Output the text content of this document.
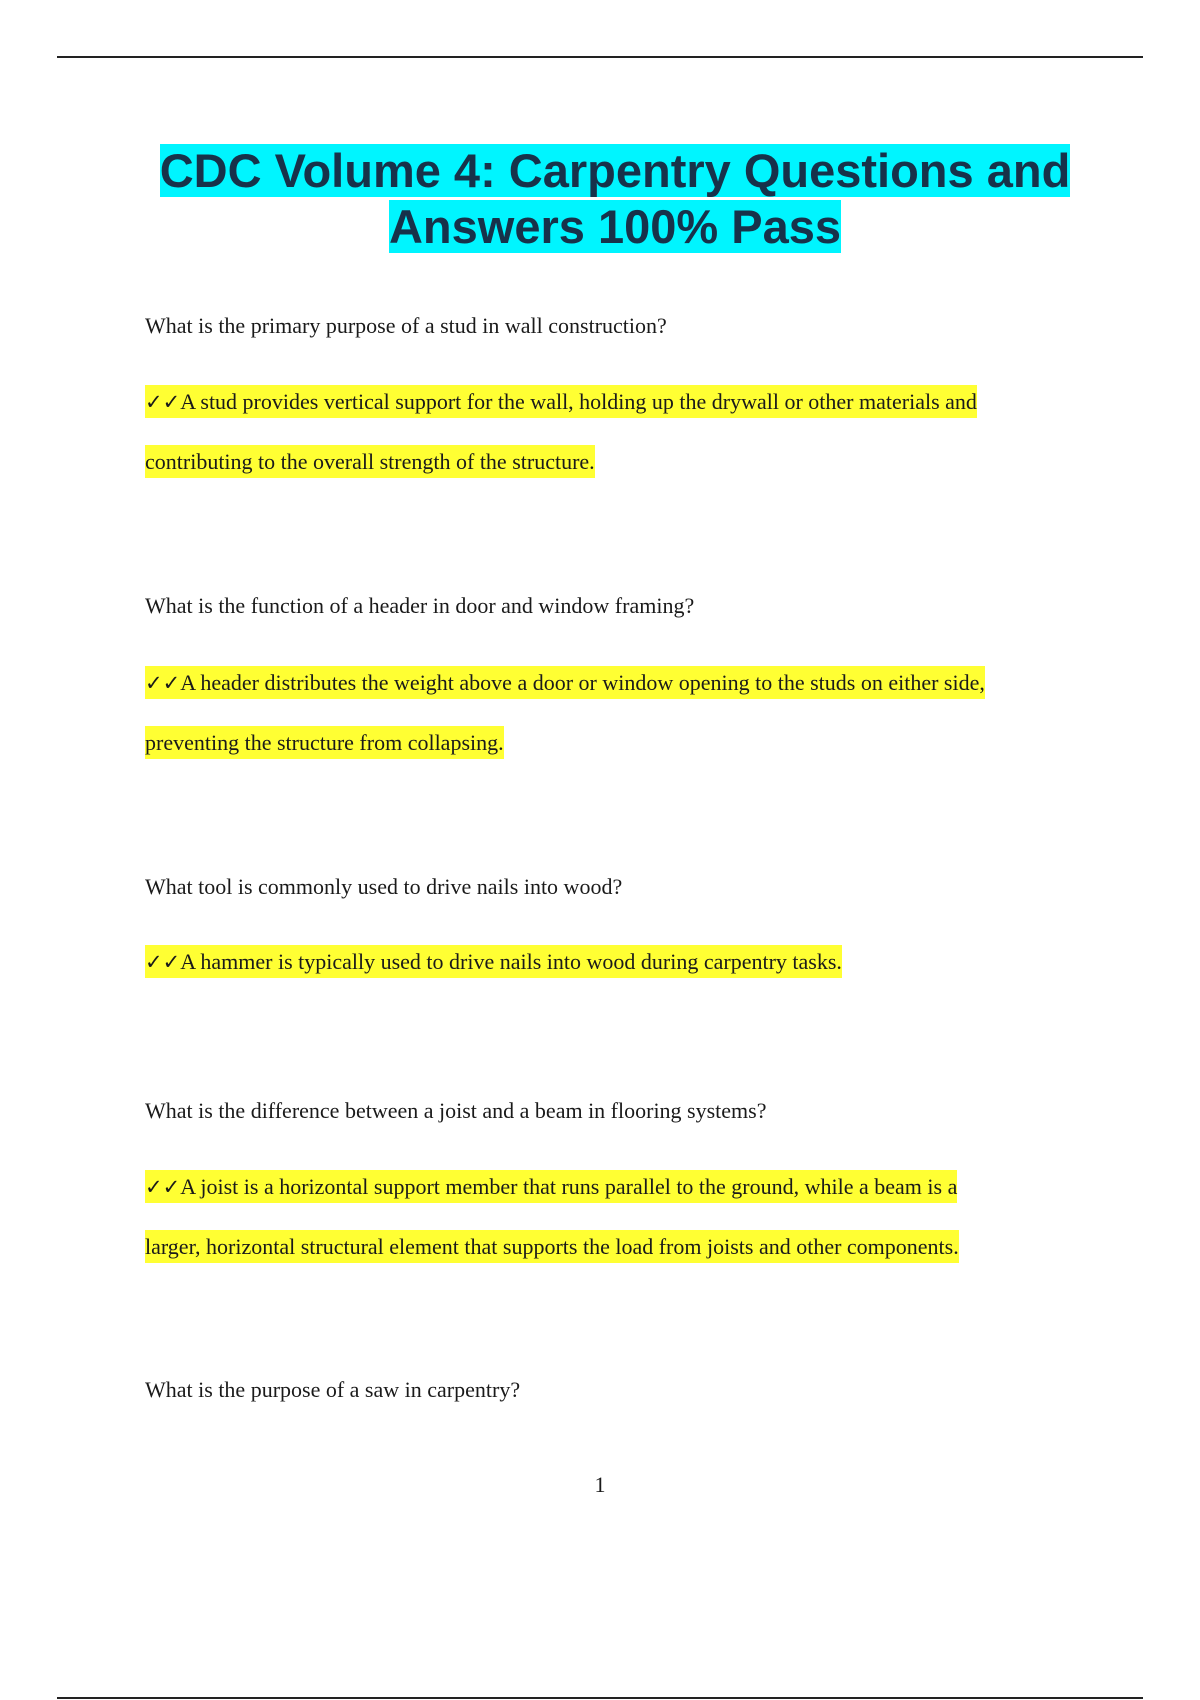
CDC Volume 4: Carpentry Questions and
Answers 100% Pass

What is the primary purpose of a stud in wall construction?

✓✓A stud provides vertical support for the wall, holding up the drywall or other materials and
contributing to the overall strength of the structure.

What is the function of a header in door and window framing?

✓✓A header distributes the weight above a door or window opening to the studs on either side,
preventing the structure from collapsing.

What tool is commonly used to drive nails into wood?

✓✓A hammer is typically used to drive nails into wood during carpentry tasks.

What is the difference between a joist and a beam in flooring systems?

✓✓A joist is a horizontal support member that runs parallel to the ground, while a beam is a
larger, horizontal structural element that supports the load from joists and other components.

What is the purpose of a saw in carpentry?

1
